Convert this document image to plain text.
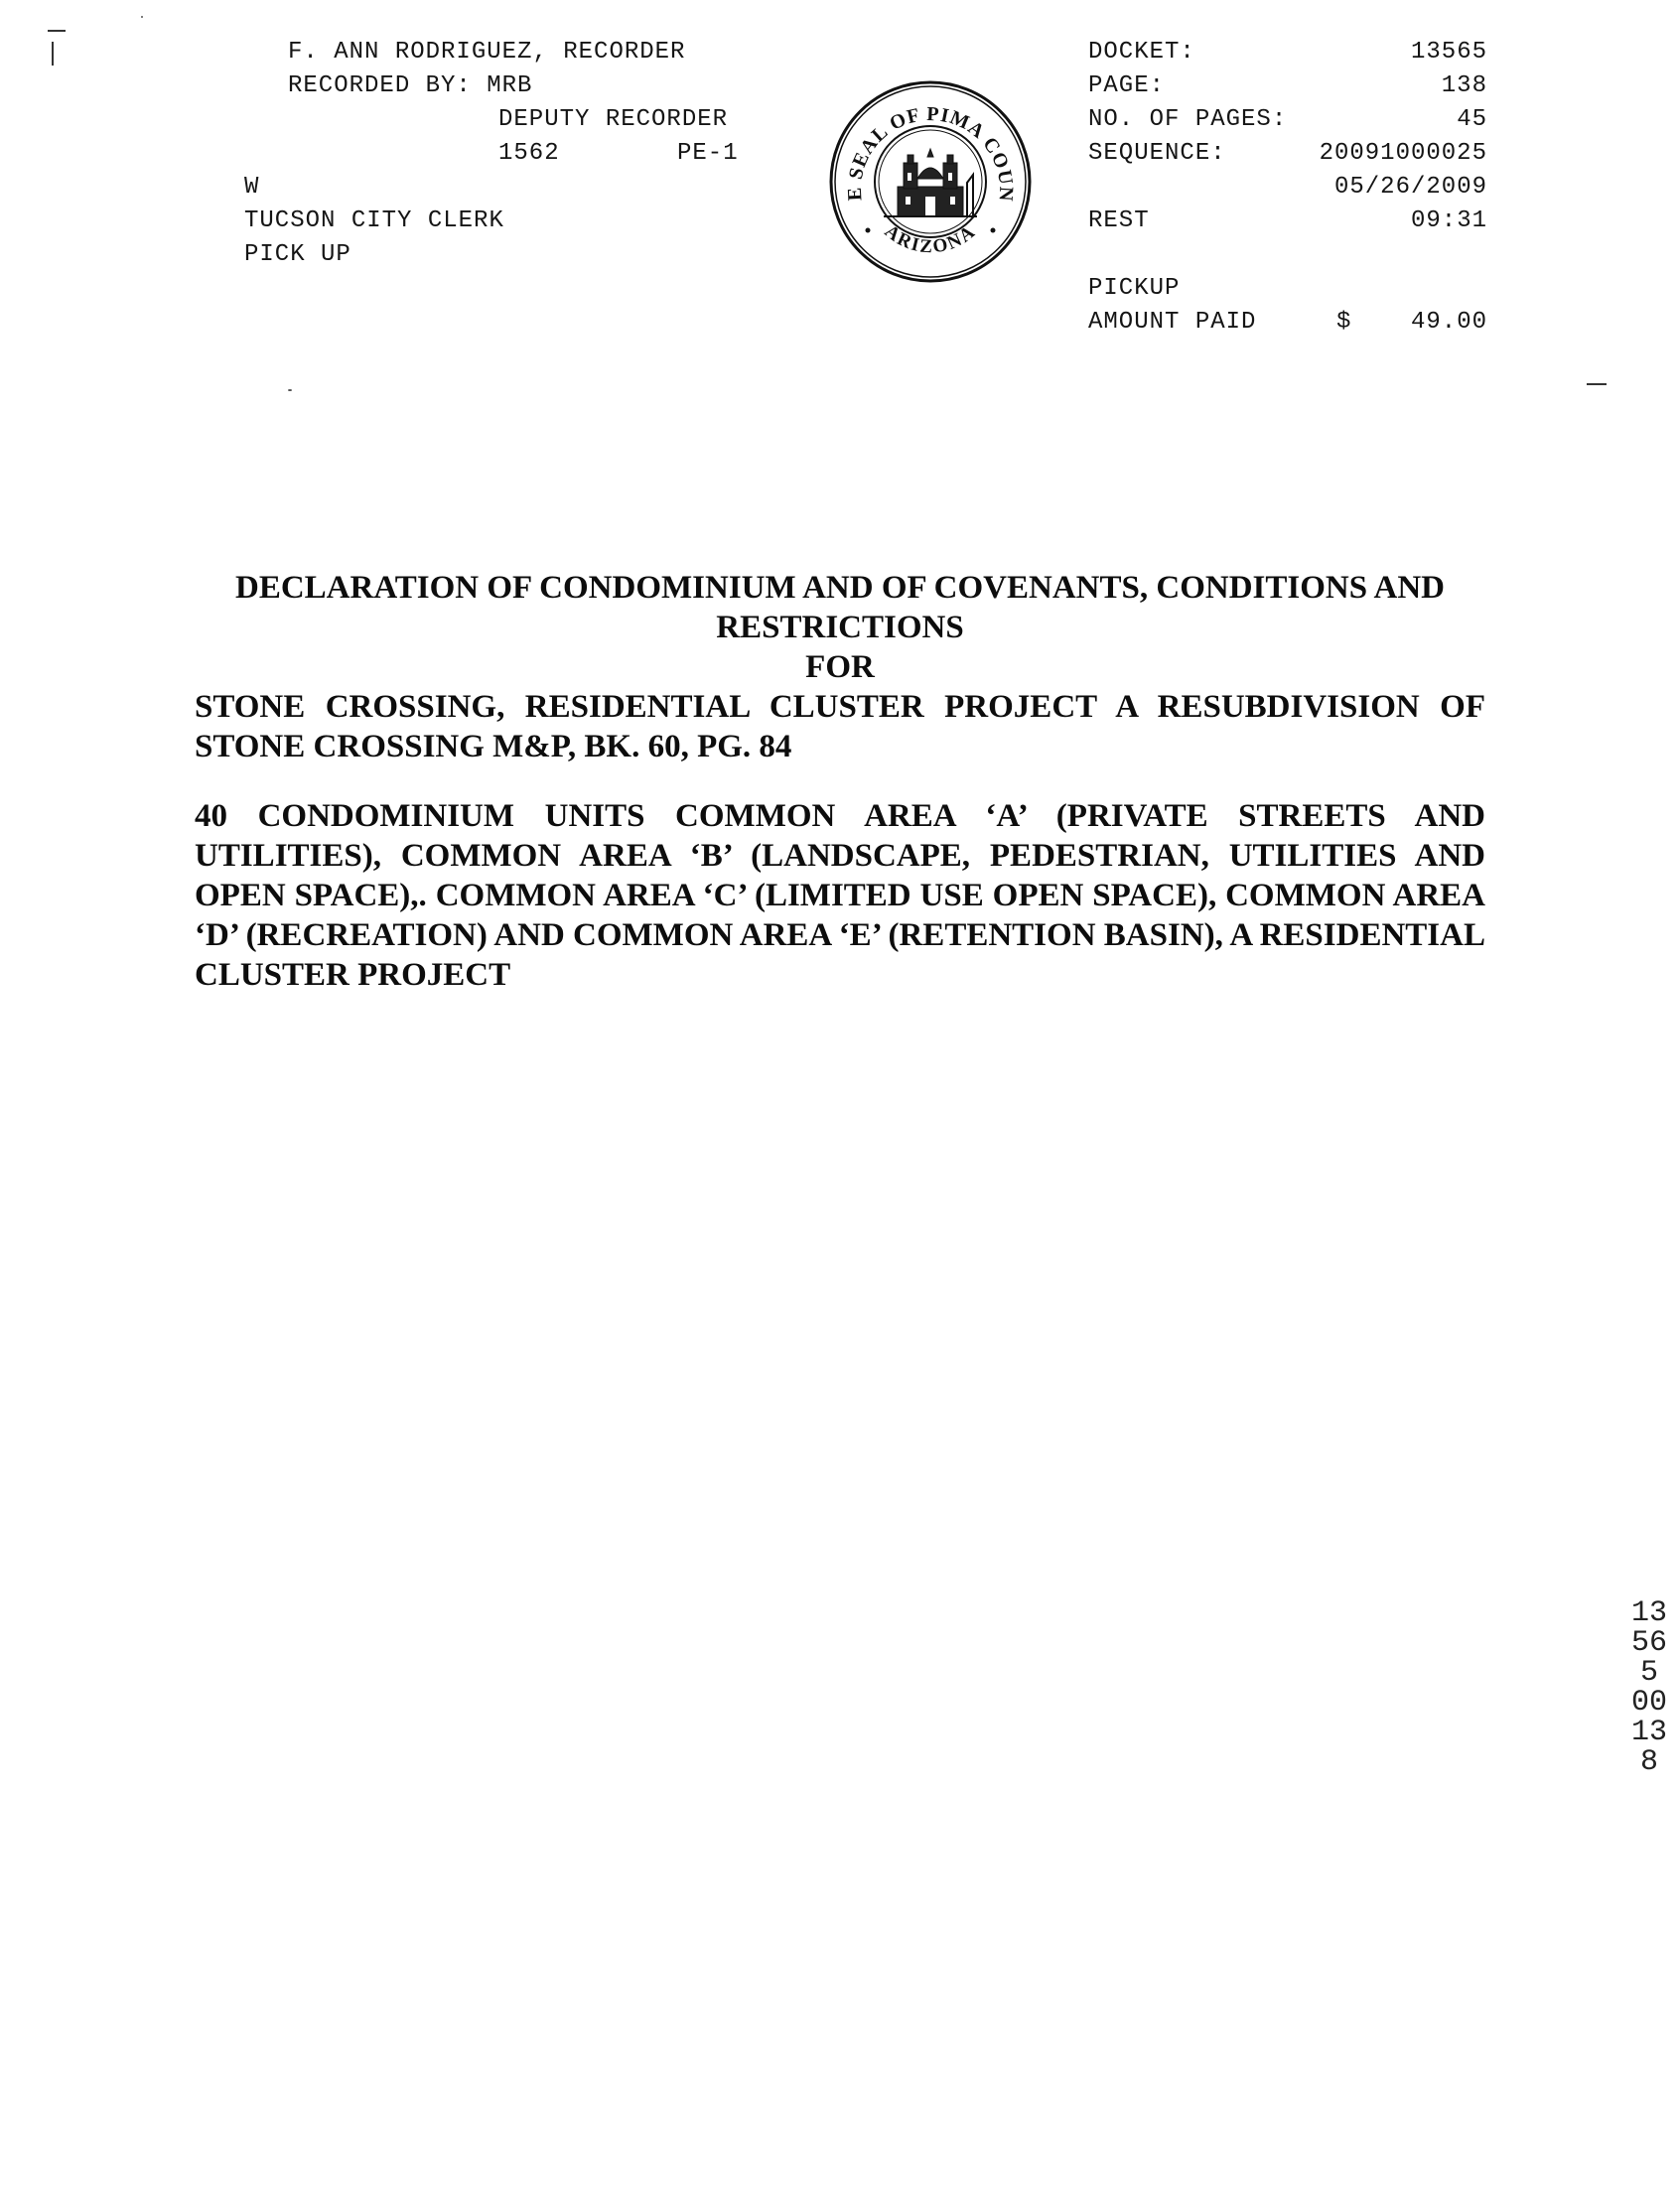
F. ANN RODRIGUEZ, RECORDER
RECORDED BY: MRB
DEPUTY RECORDER
1562	PE-1
W
TUCSON CITY CLERK
PICK UP
E SEAL OF PIMA COUN
ARIZONA
DOCKET:	13565
PAGE:	138
NO. OF PAGES:	45
SEQUENCE:	20091000025
05/26/2009
REST	09:31
PICKUP
AMOUNT PAID	$ 49.00
DECLARATION OF CONDOMINIUM AND OF COVENANTS, CONDITIONS AND
RESTRICTIONS
FOR
STONE CROSSING, RESIDENTIAL CLUSTER PROJECT A RESUBDIVISION OF STONE CROSSING M&P, BK. 60, PG. 84
40 CONDOMINIUM UNITS COMMON AREA ‘A’ (PRIVATE STREETS AND UTILITIES), COMMON AREA ‘B’ (LANDSCAPE, PEDESTRIAN, UTILITIES AND OPEN SPACE),. COMMON AREA ‘C’ (LIMITED USE OPEN SPACE), COMMON AREA ‘D’ (RECREATION) AND COMMON AREA ‘E’ (RETENTION BASIN), A RESIDENTIAL CLUSTER PROJECT
13565 00138
